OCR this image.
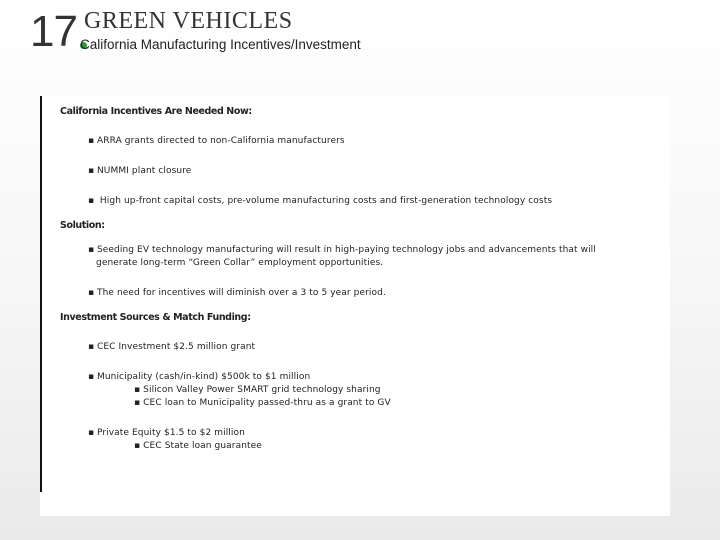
17 GREEN VEHICLES
California Manufacturing Incentives/Investment

California Incentives Are Needed Now:

▪ ARRA grants directed to non-California manufacturers

▪ NUMMI plant closure

▪ High up-front capital costs, pre-volume manufacturing costs and first-generation technology costs

Solution:

▪ Seeding EV technology manufacturing will result in high-paying technology jobs and advancements that will

generate long-term “Green Collar” employment opportunities.

▪ The need for incentives will diminish over a 3 to 5 year period.

Investment Sources & Match Funding:

▪ CEC Investment $2.5 million grant

▪ Municipality (cash/in-kind) $500k to $1 million

▪ Silicon Valley Power SMART grid technology sharing

▪ CEC loan to Municipality passed-thru as a grant to GV

▪ Private Equity $1.5 to $2 million

▪ CEC State loan guarantee
